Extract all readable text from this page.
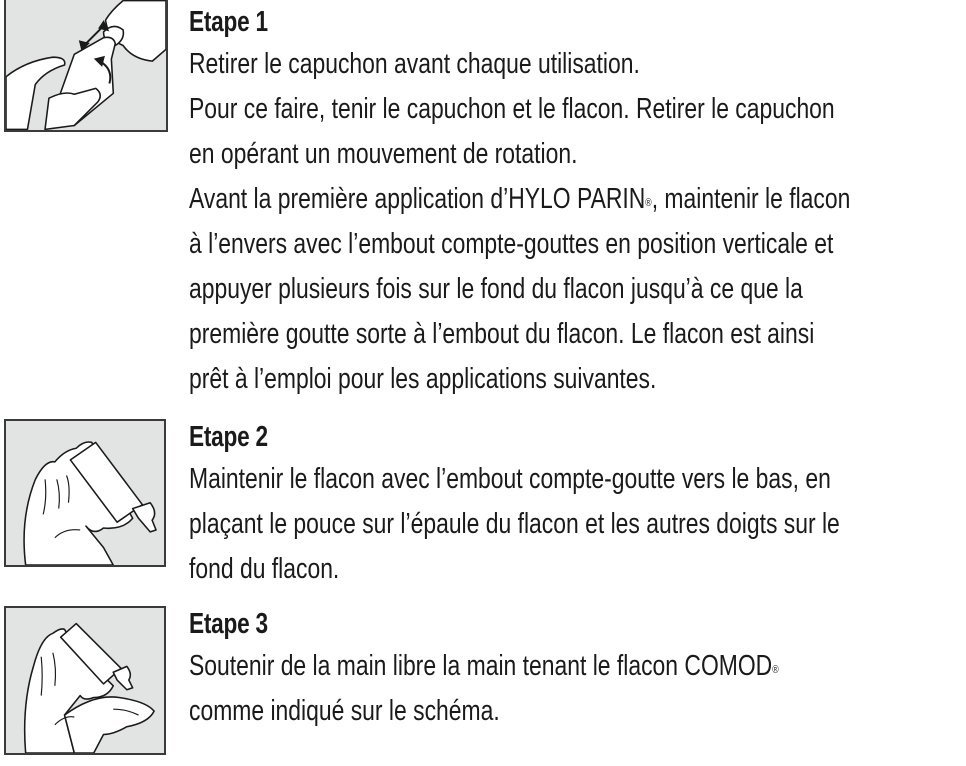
Etape 1
Retirer le capuchon avant chaque utilisation.
Pour ce faire, tenir le capuchon et le flacon. Retirer le capuchon
en opérant un mouvement de rotation.
Avant la première application d’HYLO PARIN®, maintenir le flacon
à l’envers avec l’embout compte-gouttes en position verticale et
appuyer plusieurs fois sur le fond du flacon jusqu’à ce que la
première goutte sorte à l’embout du flacon. Le flacon est ainsi
prêt à l’emploi pour les applications suivantes.
Etape 2
Maintenir le flacon avec l’embout compte-goutte vers le bas, en
plaçant le pouce sur l’épaule du flacon et les autres doigts sur le
fond du flacon.
Etape 3
Soutenir de la main libre la main tenant le flacon COMOD®
comme indiqué sur le schéma.
